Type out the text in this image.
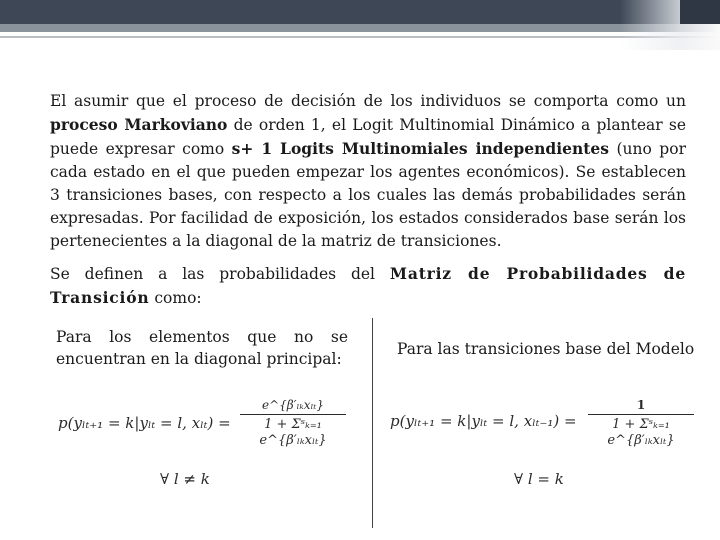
El asumir que el proceso de decisión de los individuos se comporta como un proceso Markoviano de orden 1, el Logit Multinomial Dinámico a plantear se puede expresar como s+ 1 Logits Multinomiales independientes (uno por cada estado en el que pueden empezar los agentes económicos). Se establecen 3 transiciones bases, con respecto a los cuales las demás probabilidades serán expresadas. Por facilidad de exposición, los estados considerados base serán los pertenecientes a la diagonal de la matriz de transiciones.

Se definen a las probabilidades del Matriz de Probabilidades de Transición como:

Para los elementos que no se encuentran en la diagonal principal:

Para las transiciones base del Modelo

p(yₗₜ₊₁ = k|yₗₜ = l, xₗₜ) =
e^{β′ₗₖxₗₜ}
1 + Σˢₖ₌₁ e^{β′ₗₖxₗₜ}
∀ l ≠ k
p(yₗₜ₊₁ = k|yₗₜ = l, xₗₜ₋₁) =
1
1 + Σˢₖ₌₁ e^{β′ₗₖxₗₜ}
∀ l = k
